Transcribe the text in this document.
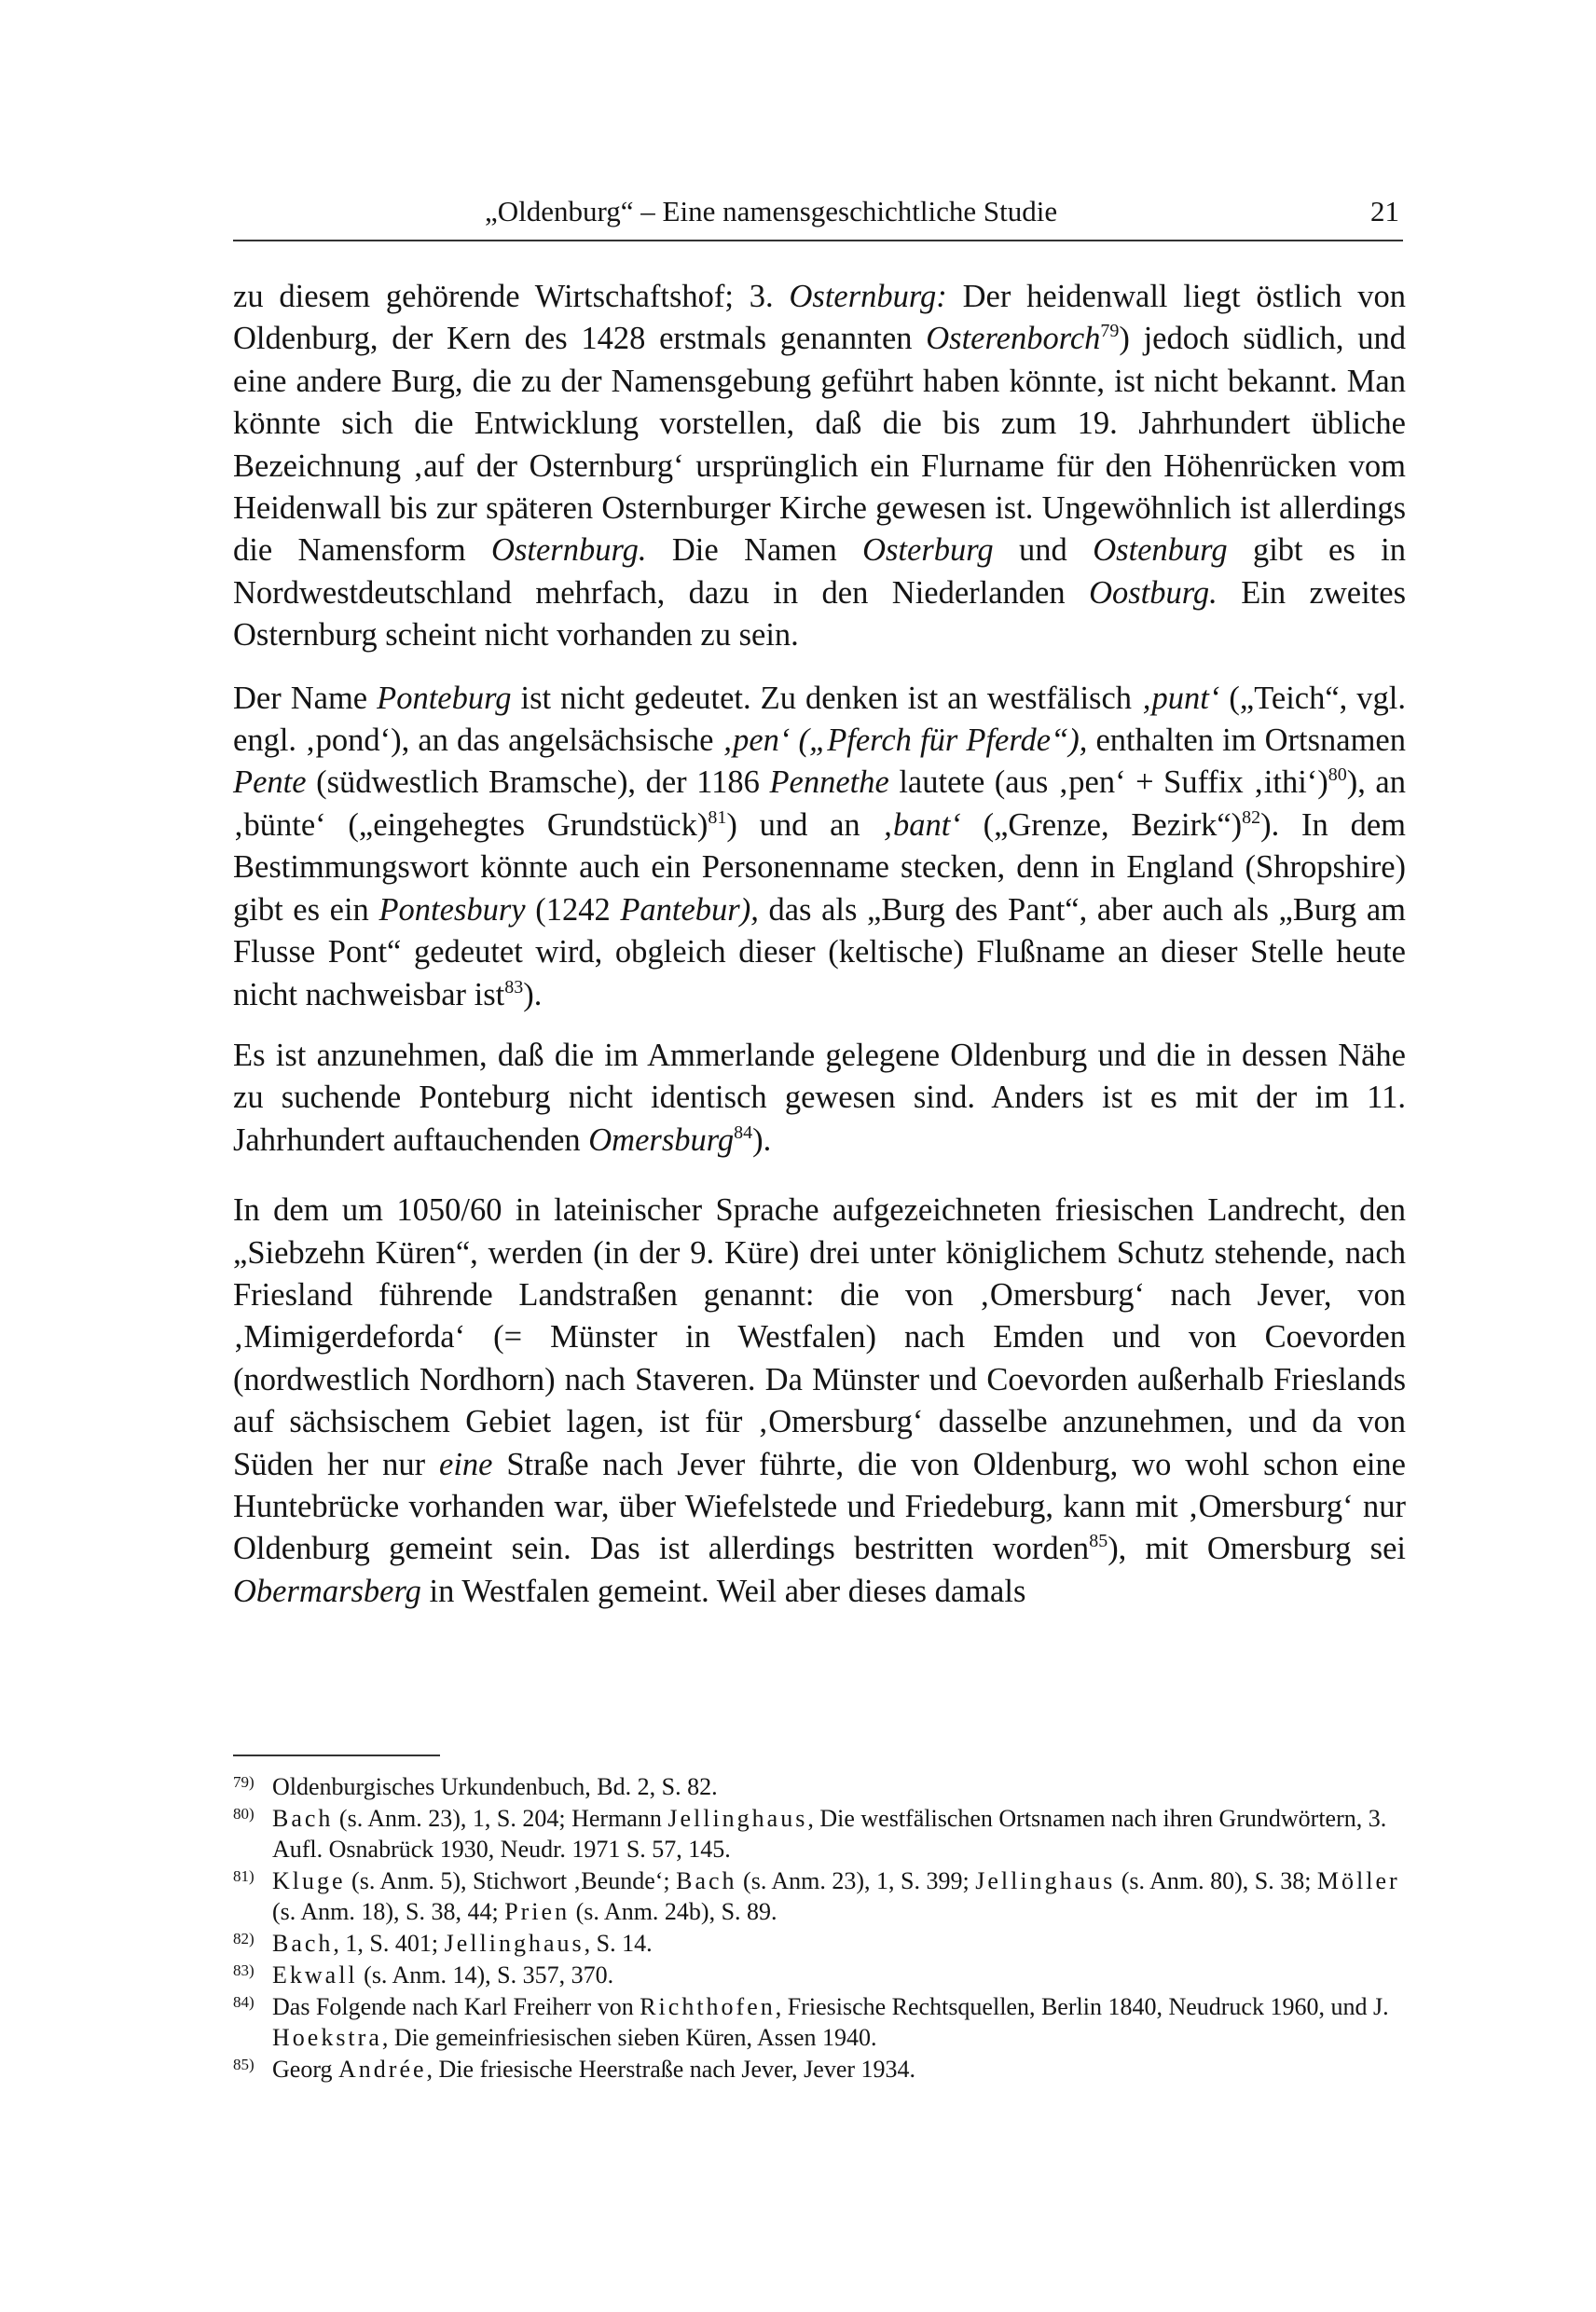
„Oldenburg“ – Eine namensgeschichtliche Studie	21

zu diesem gehörende Wirtschaftshof; 3. Osternburg: Der heidenwall liegt östlich von Oldenburg, der Kern des 1428 erstmals genannten Osterenborch$^{79}$) jedoch südlich, und eine andere Burg, die zu der Namensgebung geführt haben könnte, ist nicht bekannt. Man könnte sich die Entwicklung vorstellen, daß die bis zum 19. Jahrhundert übliche Bezeichnung ‚auf der Osternburg‘ ursprünglich ein Flurname für den Höhenrücken vom Heidenwall bis zur späteren Osternburger Kirche gewesen ist. Ungewöhnlich ist allerdings die Namensform Osternburg. Die Namen Osterburg und Ostenburg gibt es in Nordwestdeutschland mehrfach, dazu in den Niederlanden Oostburg. Ein zweites Osternburg scheint nicht vorhanden zu sein.

Der Name Ponteburg ist nicht gedeutet. Zu denken ist an westfälisch ‚punt‘ („Teich“, vgl. engl. ‚pond‘), an das angelsächsische ‚pen‘ („Pferch für Pferde“), enthalten im Ortsnamen Pente (südwestlich Bramsche), der 1186 Pennethe lautete (aus ‚pen‘ + Suffix ‚ithi‘)$^{80}$), an ‚bünte‘ („eingehegtes Grundstück)$^{81}$) und an ‚bant‘ („Grenze, Bezirk“)$^{82}$). In dem Bestimmungswort könnte auch ein Personenname stecken, denn in England (Shropshire) gibt es ein Pontesbury (1242 Pantebur), das als „Burg des Pant“, aber auch als „Burg am Flusse Pont“ gedeutet wird, obgleich dieser (keltische) Flußname an dieser Stelle heute nicht nachweisbar ist$^{83}$).

Es ist anzunehmen, daß die im Ammerlande gelegene Oldenburg und die in dessen Nähe zu suchende Ponteburg nicht identisch gewesen sind. Anders ist es mit der im 11. Jahrhundert auftauchenden Omersburg$^{84}$).

In dem um 1050/60 in lateinischer Sprache aufgezeichneten friesischen Landrecht, den „Siebzehn Küren“, werden (in der 9. Küre) drei unter königlichem Schutz stehende, nach Friesland führende Landstraßen genannt: die von ‚Omersburg‘ nach Jever, von ‚Mimigerdeforda‘ (= Münster in Westfalen) nach Emden und von Coevorden (nordwestlich Nordhorn) nach Staveren. Da Münster und Coevorden außerhalb Frieslands auf sächsischem Gebiet lagen, ist für ‚Omersburg‘ dasselbe anzunehmen, und da von Süden her nur eine Straße nach Jever führte, die von Oldenburg, wo wohl schon eine Huntebrücke vorhanden war, über Wiefelstede und Friedeburg, kann mit ‚Omersburg‘ nur Oldenburg gemeint sein. Das ist allerdings bestritten worden$^{85}$), mit Omersburg sei Obermarsberg in Westfalen gemeint. Weil aber dieses damals

79) Oldenburgisches Urkundenbuch, Bd. 2, S. 82.
80) Bach (s. Anm. 23), 1, S. 204; Hermann Jellinghaus, Die westfälischen Ortsnamen nach ihren Grundwörtern, 3. Aufl. Osnabrück 1930, Neudr. 1971 S. 57, 145.
81) Kluge (s. Anm. 5), Stichwort ‚Beunde‘; Bach (s. Anm. 23), 1, S. 399; Jellinghaus (s. Anm. 80), S. 38; Möller (s. Anm. 18), S. 38, 44; Prien (s. Anm. 24b), S. 89.
82) Bach, 1, S. 401; Jellinghaus, S. 14.
83) Ekwall (s. Anm. 14), S. 357, 370.
84) Das Folgende nach Karl Freiherr von Richthofen, Friesische Rechtsquellen, Berlin 1840, Neudruck 1960, und J. Hoekstra, Die gemeinfriesischen sieben Küren, Assen 1940.
85) Georg Andrée, Die friesische Heerstraße nach Jever, Jever 1934.
